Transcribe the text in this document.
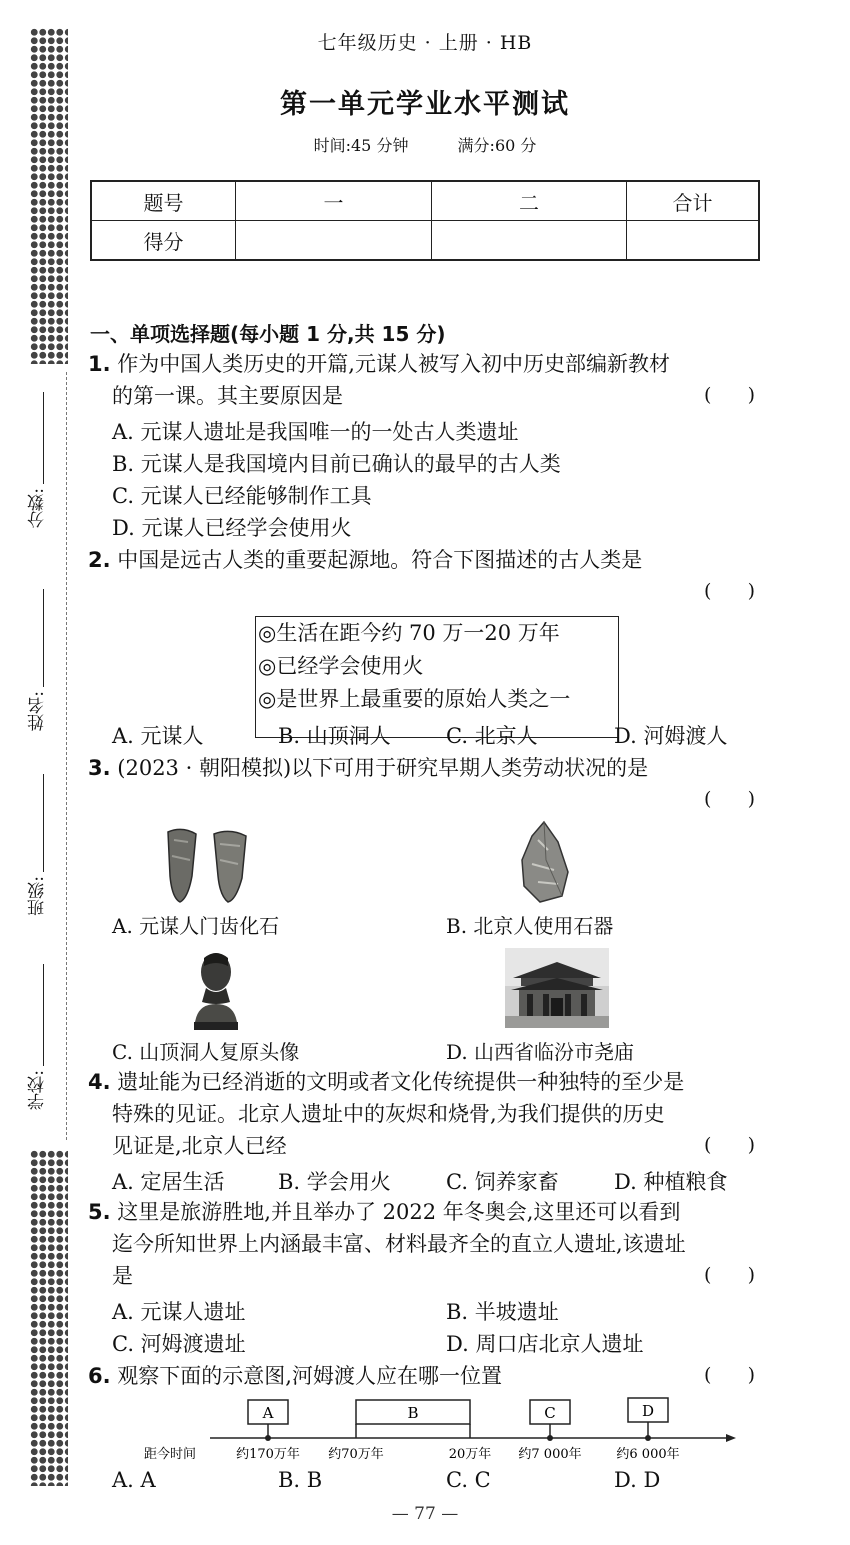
分数:
姓名:
班级:
学校:
七年级历史 · 上册 · HB
第一单元学业水平测试
时间:45 分钟	满分:60 分
题号	一	二	合计
得分			
一、单项选择题(每小题 1 分,共 15 分)
1. 作为中国人类历史的开篇,元谋人被写入初中历史部编新教材
的第一课。其主要原因是
( )
A. 元谋人遗址是我国唯一的一处古人类遗址
B. 元谋人是我国境内目前已确认的最早的古人类
C. 元谋人已经能够制作工具
D. 元谋人已经学会使用火
2. 中国是远古人类的重要起源地。符合下图描述的古人类是
( )
◎生活在距今约 70 万一20 万年
◎已经学会使用火
◎是世界上最重要的原始人类之一
A. 元谋人	B. 山顶洞人	C. 北京人	D. 河姆渡人
3. (2023 · 朝阳模拟)以下可用于研究早期人类劳动状况的是
( )
A. 元谋人门齿化石	B. 北京人使用石器
C. 山顶洞人复原头像	D. 山西省临汾市尧庙
4. 遗址能为已经消逝的文明或者文化传统提供一种独特的至少是
特殊的见证。北京人遗址中的灰烬和烧骨,为我们提供的历史
见证是,北京人已经
( )
A. 定居生活	B. 学会用火	C. 饲养家畜	D. 种植粮食
5. 这里是旅游胜地,并且举办了 2022 年冬奥会,这里还可以看到
迄今所知世界上内涵最丰富、材料最齐全的直立人遗址,该遗址
是
( )
A. 元谋人遗址	B. 半坡遗址
C. 河姆渡遗址	D. 周口店北京人遗址
6. 观察下面的示意图,河姆渡人应在哪一位置
( )
A	B	C	D
距今时间	约170万年 约70万年	20万年 约7 000年	约6 000年
A. A	B. B	C. C	D. D
— 77 —
